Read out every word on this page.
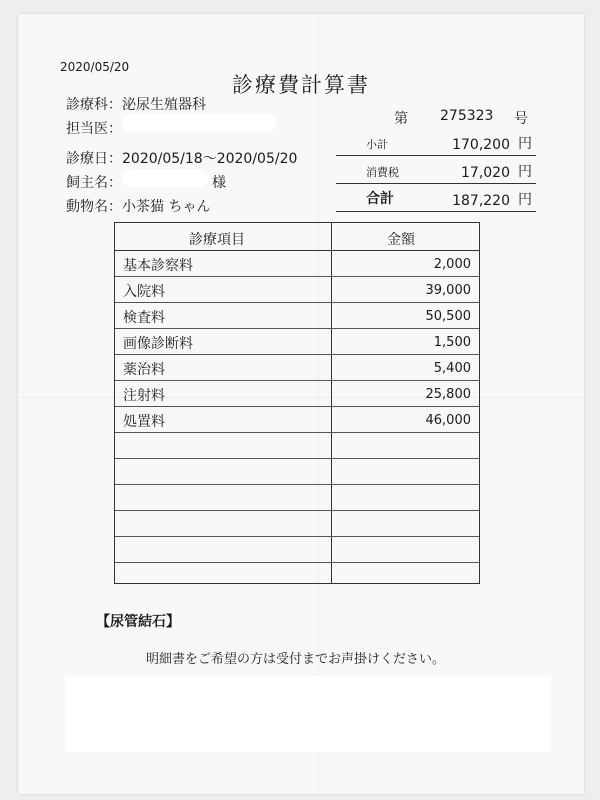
2020/05/20
診療費計算書
診療科：泌尿生殖器科
担当医：
診療日：2020/05/18〜2020/05/20
飼主名：	様
動物名：小茶猫 ちゃん
第 275323 号
小計	170,200 円
消費税	17,020 円
合計	187,220 円
診療項目	金額
基本診察料	2,000
入院料	39,000
検査料	50,500
画像診断料	1,500
薬治料	5,400
注射料	25,800
処置料	46,000
【尿管結石】
明細書をご希望の方は受付までお声掛けください。
